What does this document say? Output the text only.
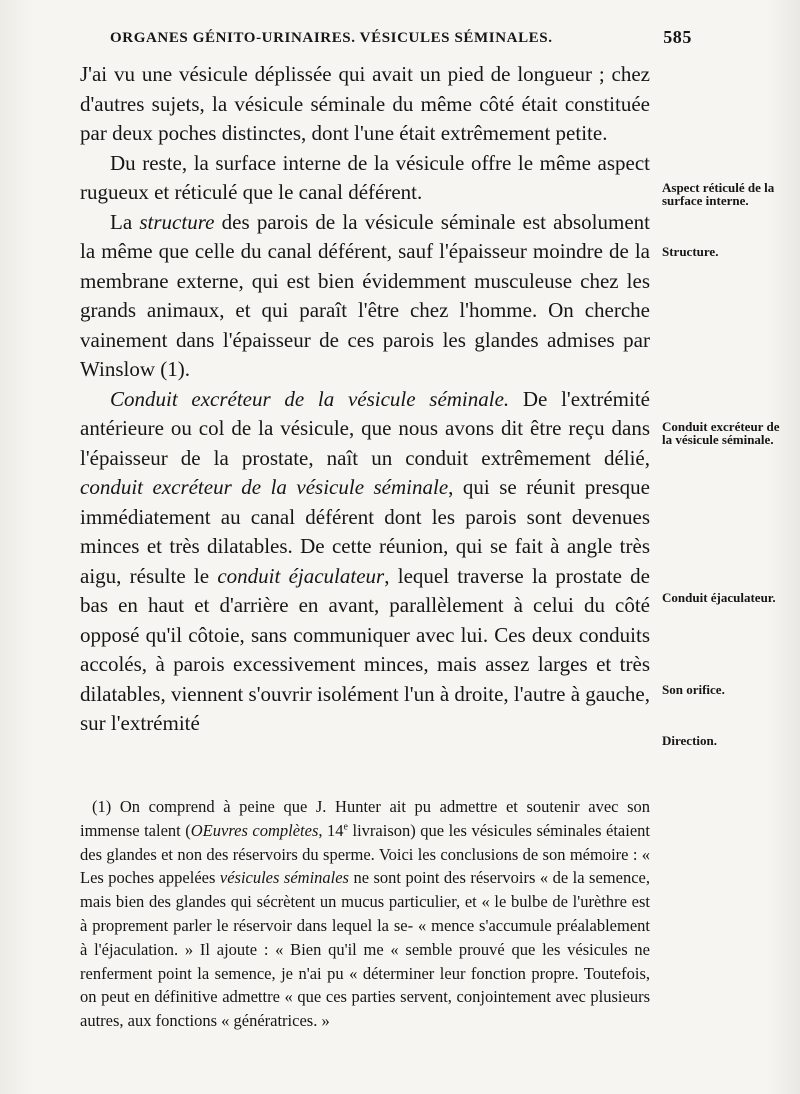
ORGANES GÉNITO-URINAIRES. VÉSICULES SÉMINALES.	585

J'ai vu une vésicule déplissée qui avait un pied de longueur ; chez d'autres sujets, la vésicule séminale du même côté était constituée par deux poches distinctes, dont l'une était extrêmement petite.

Du reste, la surface interne de la vésicule offre le même aspect rugueux et réticulé que le canal déférent.

La structure des parois de la vésicule séminale est absolument la même que celle du canal déférent, sauf l'épaisseur moindre de la membrane externe, qui est bien évidemment musculeuse chez les grands animaux, et qui paraît l'être chez l'homme. On cherche vainement dans l'épaisseur de ces parois les glandes admises par Winslow (1).

Conduit excréteur de la vésicule séminale. De l'extrémité antérieure ou col de la vésicule, que nous avons dit être reçu dans l'épaisseur de la prostate, naît un conduit extrêmement délié, conduit excréteur de la vésicule séminale, qui se réunit presque immédiatement au canal déférent dont les parois sont devenues minces et très dilatables. De cette réunion, qui se fait à angle très aigu, résulte le conduit éjaculateur, lequel traverse la prostate de bas en haut et d'arrière en avant, parallèlement à celui du côté opposé qu'il côtoie, sans communiquer avec lui. Ces deux conduits accolés, à parois excessivement minces, mais assez larges et très dilatables, viennent s'ouvrir isolément l'un à droite, l'autre à gauche, sur l'extrémité

Aspect réticulé de la surface interne.
Structure.
Conduit excréteur de la vésicule séminale.
Conduit éjaculateur.
Son orifice.
Direction.

(1) On comprend à peine que J. Hunter ait pu admettre et soutenir avec son immense talent (OEuvres complètes, 14e livraison) que les vésicules séminales étaient des glandes et non des réservoirs du sperme. Voici les conclusions de son mémoire : « Les poches appelées vésicules séminales ne sont point des réservoirs « de la semence, mais bien des glandes qui sécrètent un mucus particulier, et « le bulbe de l'urèthre est à proprement parler le réservoir dans lequel la se- « mence s'accumule préalablement à l'éjaculation. » Il ajoute : « Bien qu'il me « semble prouvé que les vésicules ne renferment point la semence, je n'ai pu « déterminer leur fonction propre. Toutefois, on peut en définitive admettre « que ces parties servent, conjointement avec plusieurs autres, aux fonctions « génératrices. »
